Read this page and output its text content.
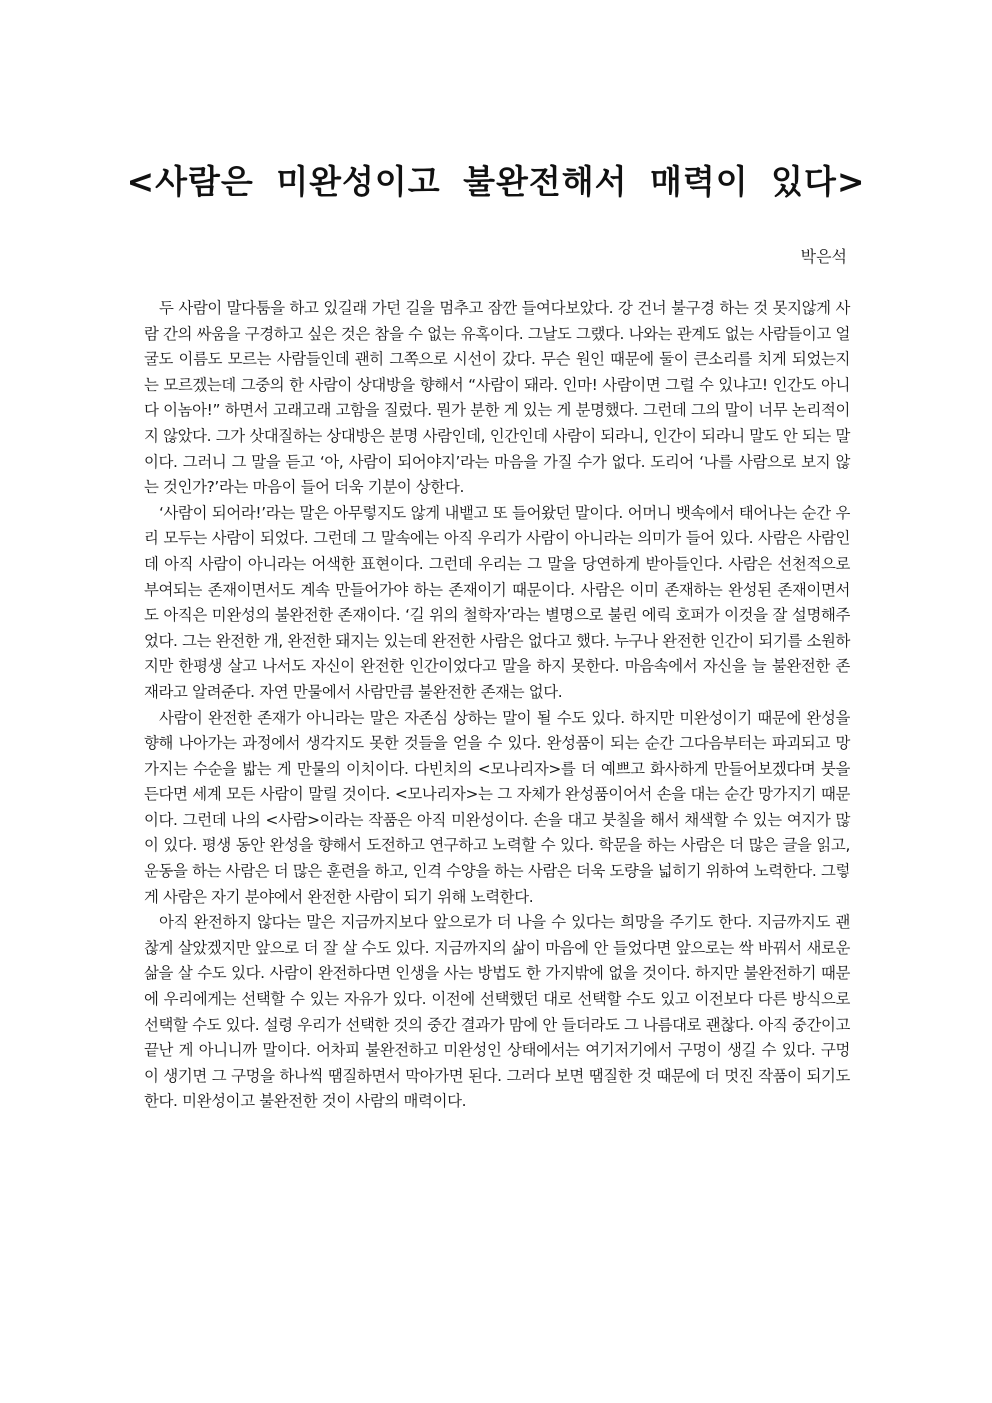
<사람은 미완성이고 불완전해서 매력이 있다>
박은석

두 사람이 말다툼을 하고 있길래 가던 길을 멈추고 잠깐 들여다보았다. 강 건너 불구경 하는 것 못지않게 사람 간의 싸움을 구경하고 싶은 것은 참을 수 없는 유혹이다. 그날도 그랬다. 나와는 관계도 없는 사람들이고 얼굴도 이름도 모르는 사람들인데 괜히 그쪽으로 시선이 갔다. 무슨 원인 때문에 둘이 큰소리를 치게 되었는지는 모르겠는데 그중의 한 사람이 상대방을 향해서 “사람이 돼라. 인마! 사람이면 그럴 수 있냐고! 인간도 아니다 이놈아!” 하면서 고래고래 고함을 질렀다. 뭔가 분한 게 있는 게 분명했다. 그런데 그의 말이 너무 논리적이지 않았다. 그가 삿대질하는 상대방은 분명 사람인데, 인간인데 사람이 되라니, 인간이 되라니 말도 안 되는 말이다. 그러니 그 말을 듣고 ‘아, 사람이 되어야지’라는 마음을 가질 수가 없다. 도리어 ‘나를 사람으로 보지 않는 것인가?’라는 마음이 들어 더욱 기분이 상한다.

‘사람이 되어라!’라는 말은 아무렇지도 않게 내뱉고 또 들어왔던 말이다. 어머니 뱃속에서 태어나는 순간 우리 모두는 사람이 되었다. 그런데 그 말속에는 아직 우리가 사람이 아니라는 의미가 들어 있다. 사람은 사람인데 아직 사람이 아니라는 어색한 표현이다. 그런데 우리는 그 말을 당연하게 받아들인다. 사람은 선천적으로 부여되는 존재이면서도 계속 만들어가야 하는 존재이기 때문이다. 사람은 이미 존재하는 완성된 존재이면서도 아직은 미완성의 불완전한 존재이다. ‘길 위의 철학자’라는 별명으로 불린 에릭 호퍼가 이것을 잘 설명해주었다. 그는 완전한 개, 완전한 돼지는 있는데 완전한 사람은 없다고 했다. 누구나 완전한 인간이 되기를 소원하지만 한평생 살고 나서도 자신이 완전한 인간이었다고 말을 하지 못한다. 마음속에서 자신을 늘 불완전한 존재라고 알려준다. 자연 만물에서 사람만큼 불완전한 존재는 없다.

사람이 완전한 존재가 아니라는 말은 자존심 상하는 말이 될 수도 있다. 하지만 미완성이기 때문에 완성을 향해 나아가는 과정에서 생각지도 못한 것들을 얻을 수 있다. 완성품이 되는 순간 그다음부터는 파괴되고 망가지는 수순을 밟는 게 만물의 이치이다. 다빈치의 <모나리자>를 더 예쁘고 화사하게 만들어보겠다며 붓을 든다면 세계 모든 사람이 말릴 것이다. <모나리자>는 그 자체가 완성품이어서 손을 대는 순간 망가지기 때문이다. 그런데 나의 <사람>이라는 작품은 아직 미완성이다. 손을 대고 붓칠을 해서 채색할 수 있는 여지가 많이 있다. 평생 동안 완성을 향해서 도전하고 연구하고 노력할 수 있다. 학문을 하는 사람은 더 많은 글을 읽고, 운동을 하는 사람은 더 많은 훈련을 하고, 인격 수양을 하는 사람은 더욱 도량을 넓히기 위하여 노력한다. 그렇게 사람은 자기 분야에서 완전한 사람이 되기 위해 노력한다.

아직 완전하지 않다는 말은 지금까지보다 앞으로가 더 나을 수 있다는 희망을 주기도 한다. 지금까지도 괜찮게 살았겠지만 앞으로 더 잘 살 수도 있다. 지금까지의 삶이 마음에 안 들었다면 앞으로는 싹 바꿔서 새로운 삶을 살 수도 있다. 사람이 완전하다면 인생을 사는 방법도 한 가지밖에 없을 것이다. 하지만 불완전하기 때문에 우리에게는 선택할 수 있는 자유가 있다. 이전에 선택했던 대로 선택할 수도 있고 이전보다 다른 방식으로 선택할 수도 있다. 설령 우리가 선택한 것의 중간 결과가 맘에 안 들더라도 그 나름대로 괜찮다. 아직 중간이고 끝난 게 아니니까 말이다. 어차피 불완전하고 미완성인 상태에서는 여기저기에서 구멍이 생길 수 있다. 구멍이 생기면 그 구멍을 하나씩 땜질하면서 막아가면 된다. 그러다 보면 땜질한 것 때문에 더 멋진 작품이 되기도 한다. 미완성이고 불완전한 것이 사람의 매력이다.
